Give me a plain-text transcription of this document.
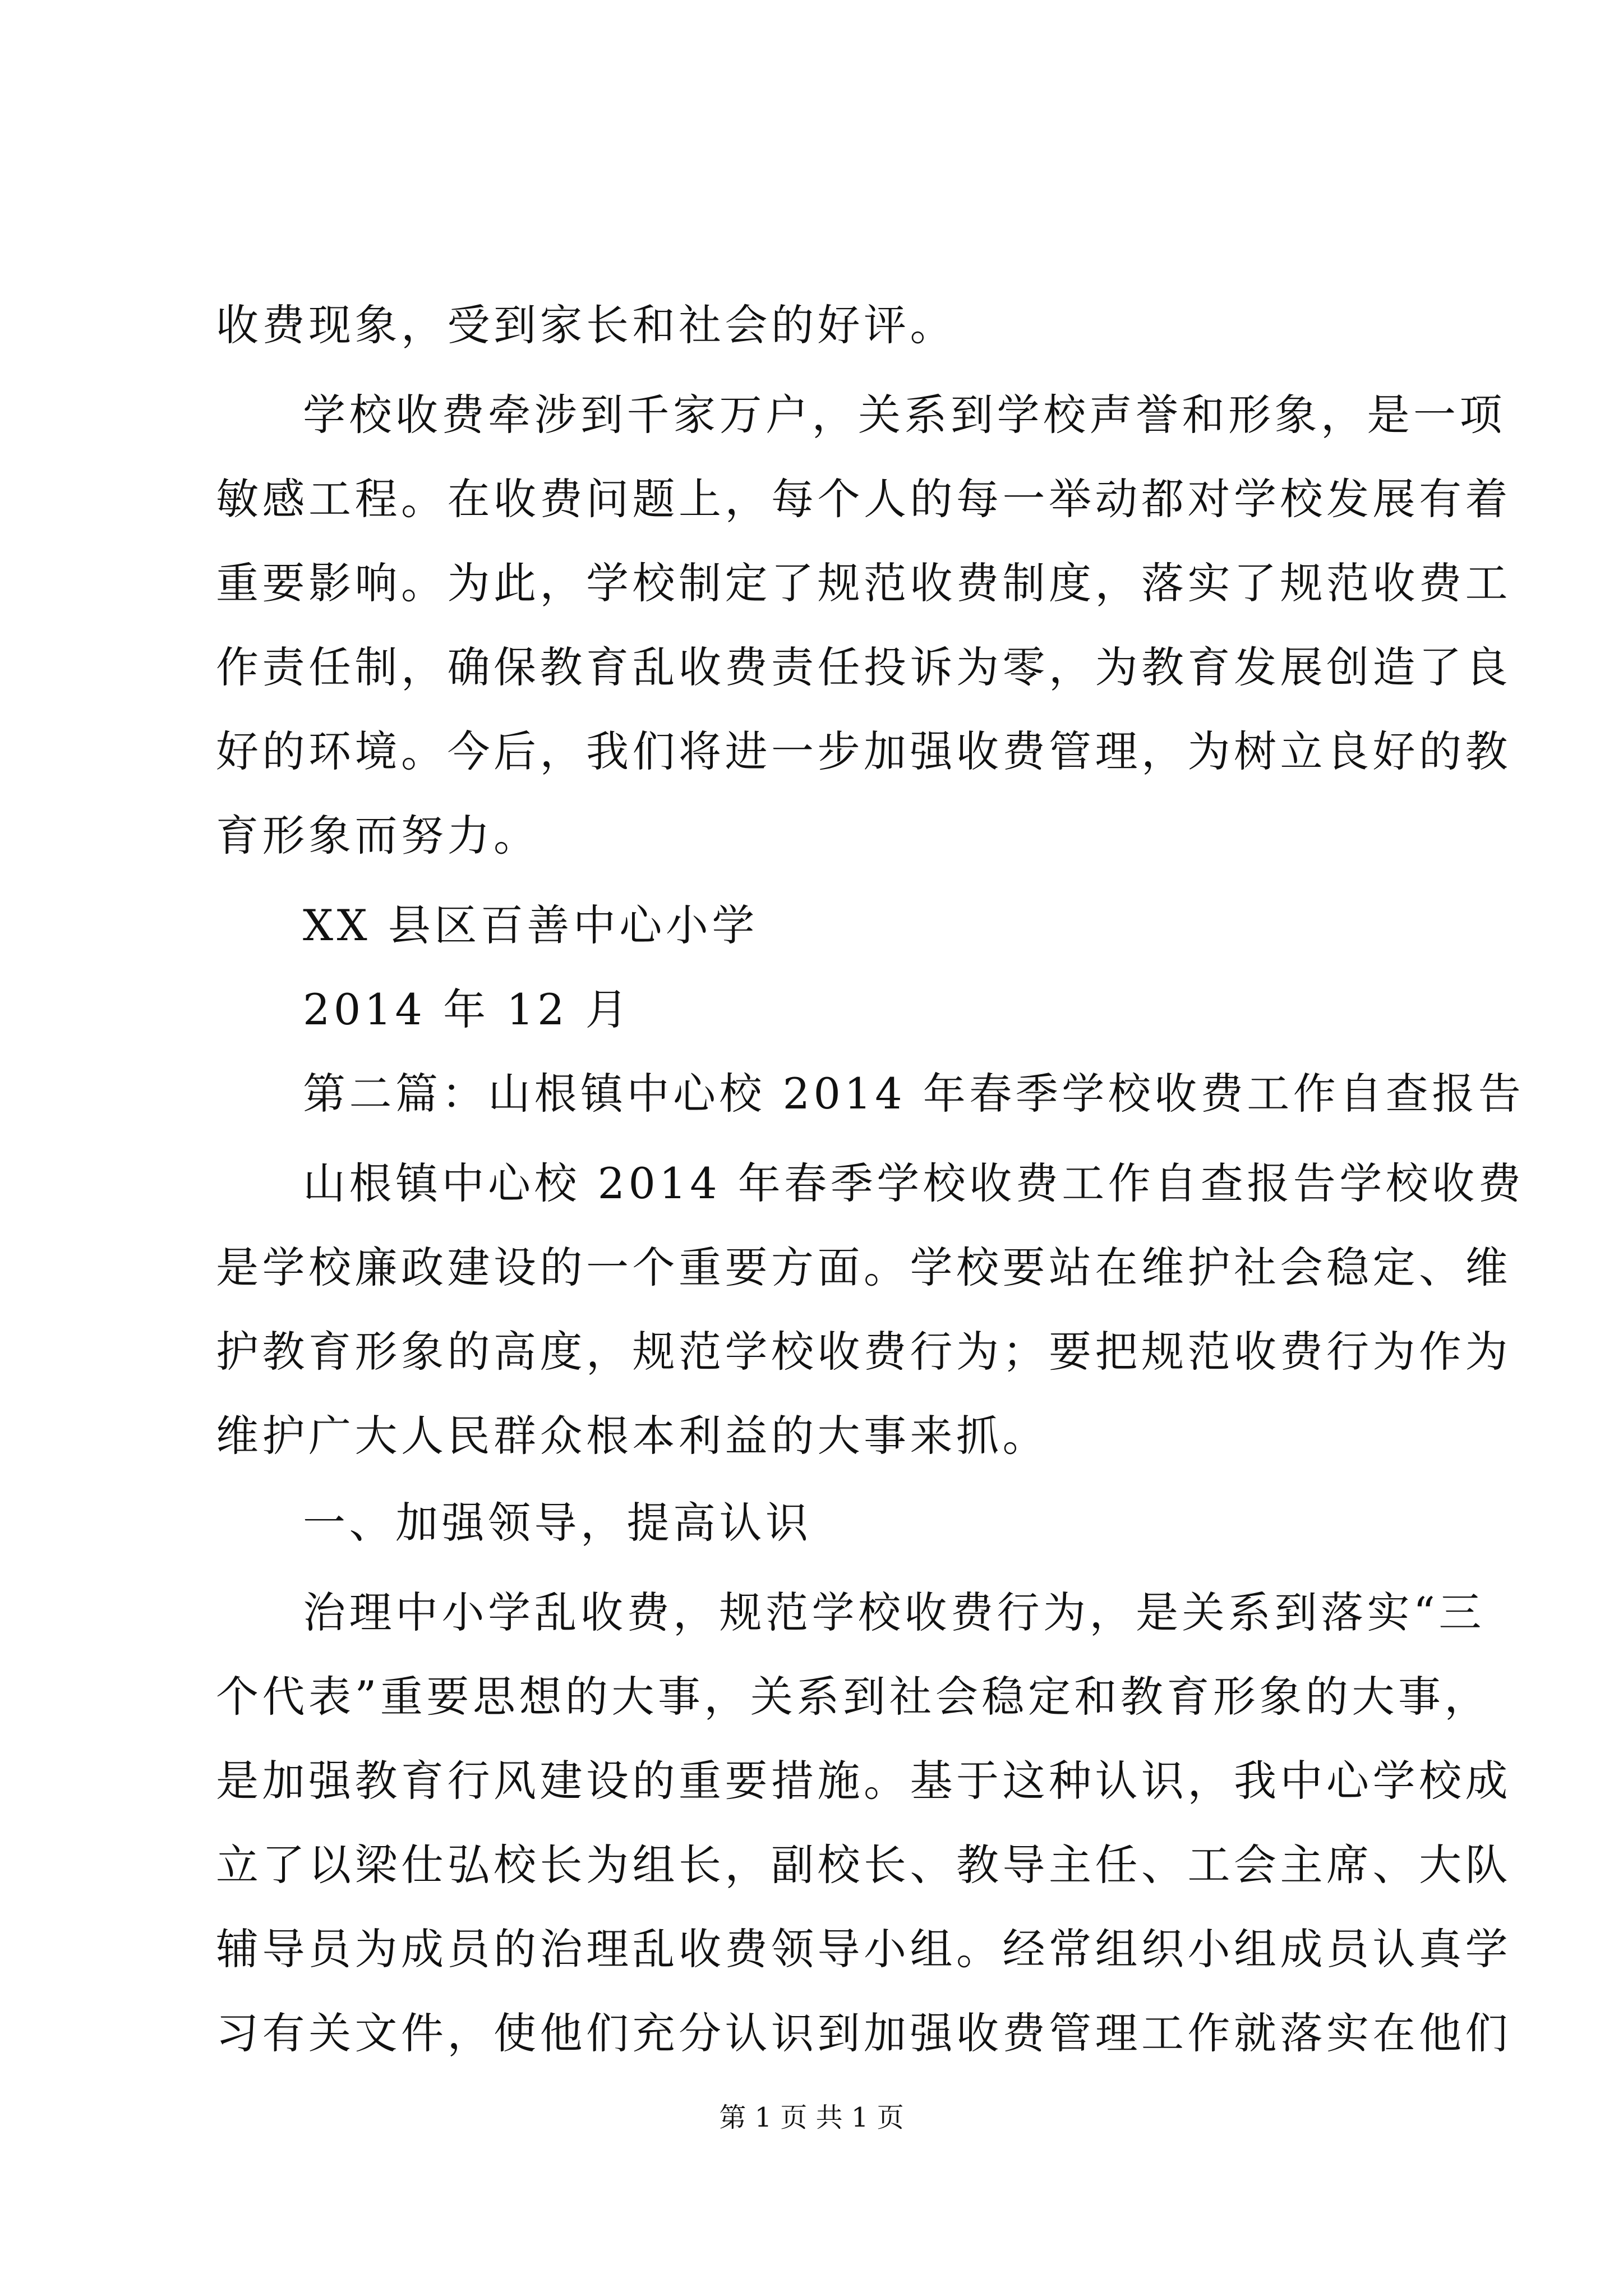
收费现象，受到家长和社会的好评。
学校收费牵涉到千家万户，关系到学校声誉和形象，是一项
敏感工程。在收费问题上，每个人的每一举动都对学校发展有着
重要影响。为此，学校制定了规范收费制度，落实了规范收费工
作责任制，确保教育乱收费责任投诉为零，为教育发展创造了良
好的环境。今后，我们将进一步加强收费管理，为树立良好的教
育形象而努力。
XX 县区百善中心小学
2014 年 12 月
第二篇：山根镇中心校 2014 年春季学校收费工作自查报告
山根镇中心校 2014 年春季学校收费工作自查报告学校收费
是学校廉政建设的一个重要方面。学校要站在维护社会稳定、维
护教育形象的高度，规范学校收费行为；要把规范收费行为作为
维护广大人民群众根本利益的大事来抓。
一、加强领导，提高认识
治理中小学乱收费，规范学校收费行为，是关系到落实“三
个代表”重要思想的大事，关系到社会稳定和教育形象的大事，
是加强教育行风建设的重要措施。基于这种认识，我中心学校成
立了以梁仕弘校长为组长，副校长、教导主任、工会主席、大队
辅导员为成员的治理乱收费领导小组。经常组织小组成员认真学
习有关文件，使他们充分认识到加强收费管理工作就落实在他们
第 1 页 共 1 页
